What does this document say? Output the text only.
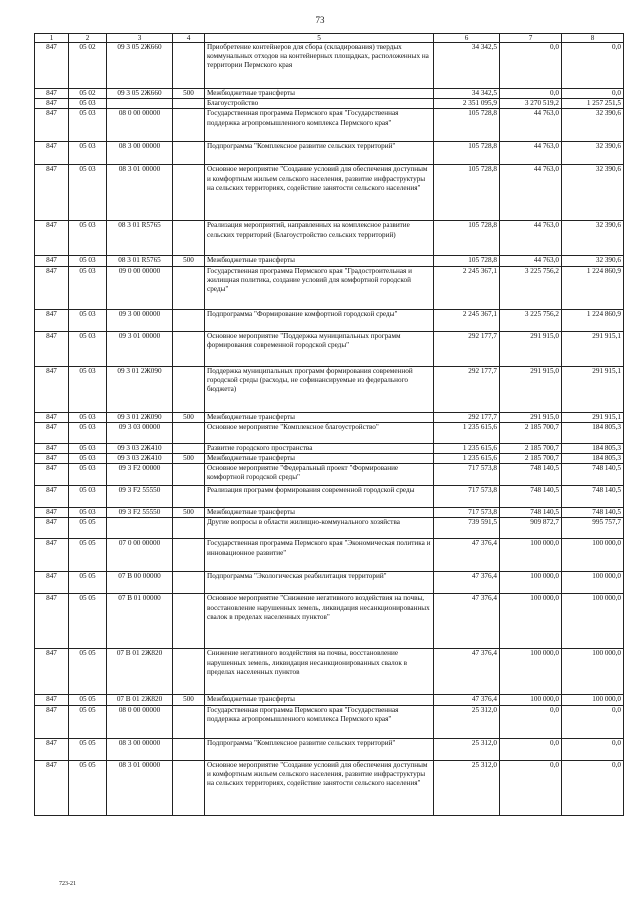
73
1	2	3	4	5	6	7	8
847	05 02	09 3 05 2Ж660		Приобретение контейнеров для сбора (складирования) твердых коммунальных отходов на контейнерных площадках, расположенных на территории Пермского края	34 342,5	0,0	0,0
847	05 02	09 3 05 2Ж660	500	Межбюджетные трансферты	34 342,5	0,0	0,0
847	05 03			Благоустройство	2 351 095,9	3 270 519,2	1 257 251,5
847	05 03	08 0 00 00000		Государственная программа Пермского края "Государственная поддержка агропромышленного комплекса Пермского края"	105 728,8	44 763,0	32 390,6
847	05 03	08 3 00 00000		Подпрограмма "Комплексное развитие сельских территорий"	105 728,8	44 763,0	32 390,6
847	05 03	08 3 01 00000		Основное мероприятие "Создание условий для обеспечения доступным и комфортным жильем сельского населения, развитие инфраструктуры на сельских территориях, содействие занятости сельского населения"	105 728,8	44 763,0	32 390,6
847	05 03	08 3 01 R5765		Реализация мероприятий, направленных на комплексное развитие сельских территорий (Благоустройство сельских территорий)	105 728,8	44 763,0	32 390,6
847	05 03	08 3 01 R5765	500	Межбюджетные трансферты	105 728,8	44 763,0	32 390,6
847	05 03	09 0 00 00000		Государственная программа Пермского края "Градостроительная и жилищная политика, создание условий для комфортной городской среды"	2 245 367,1	3 225 756,2	1 224 860,9
847	05 03	09 3 00 00000		Подпрограмма "Формирование комфортной городской среды"	2 245 367,1	3 225 756,2	1 224 860,9
847	05 03	09 3 01 00000		Основное мероприятие "Поддержка муниципальных программ формирования современной городской среды"	292 177,7	291 915,0	291 915,1
847	05 03	09 3 01 2Ж090		Поддержка муниципальных программ формирования современной городской среды (расходы, не софинансируемые из федерального бюджета)	292 177,7	291 915,0	291 915,1
847	05 03	09 3 01 2Ж090	500	Межбюджетные трансферты	292 177,7	291 915,0	291 915,1
847	05 03	09 3 03 00000		Основное мероприятие "Комплексное благоустройство"	1 235 615,6	2 185 700,7	184 805,3
847	05 03	09 3 03 2Ж410		Развитие городского пространства	1 235 615,6	2 185 700,7	184 805,3
847	05 03	09 3 03 2Ж410	500	Межбюджетные трансферты	1 235 615,6	2 185 700,7	184 805,3
847	05 03	09 3 F2 00000		Основное мероприятие "Федеральный проект "Формирование комфортной городской среды"	717 573,8	748 140,5	748 140,5
847	05 03	09 3 F2 55550		Реализация программ формирования современной городской среды	717 573,8	748 140,5	748 140,5
847	05 03	09 3 F2 55550	500	Межбюджетные трансферты	717 573,8	748 140,5	748 140,5
847	05 05			Другие вопросы в области жилищно-коммунального хозяйства	739 591,5	909 872,7	995 757,7
847	05 05	07 0 00 00000		Государственная программа Пермского края "Экономическая политика и инновационное развитие"	47 376,4	100 000,0	100 000,0
847	05 05	07 В 00 00000		Подпрограмма "Экологическая реабилитация территорий"	47 376,4	100 000,0	100 000,0
847	05 05	07 В 01 00000		Основное мероприятие "Снижение негативного воздействия на почвы, восстановление нарушенных земель, ликвидация несанкционированных свалок в пределах населенных пунктов"	47 376,4	100 000,0	100 000,0
847	05 05	07 В 01 2Ж820		Снижение негативного воздействия на почвы, восстановление нарушенных земель, ликвидация несанкционированных свалок в пределах населенных пунктов	47 376,4	100 000,0	100 000,0
847	05 05	07 В 01 2Ж820	500	Межбюджетные трансферты	47 376,4	100 000,0	100 000,0
847	05 05	08 0 00 00000		Государственная программа Пермского края "Государственная поддержка агропромышленного комплекса Пермского края"	25 312,0	0,0	0,0
847	05 05	08 3 00 00000		Подпрограмма "Комплексное развитие сельских территорий"	25 312,0	0,0	0,0
847	05 05	08 3 01 00000		Основное мероприятие "Создание условий для обеспечения доступным и комфортным жильем сельского населения, развитие инфраструктуры на сельских территориях, содействие занятости сельского населения"	25 312,0	0,0	0,0
723-21
